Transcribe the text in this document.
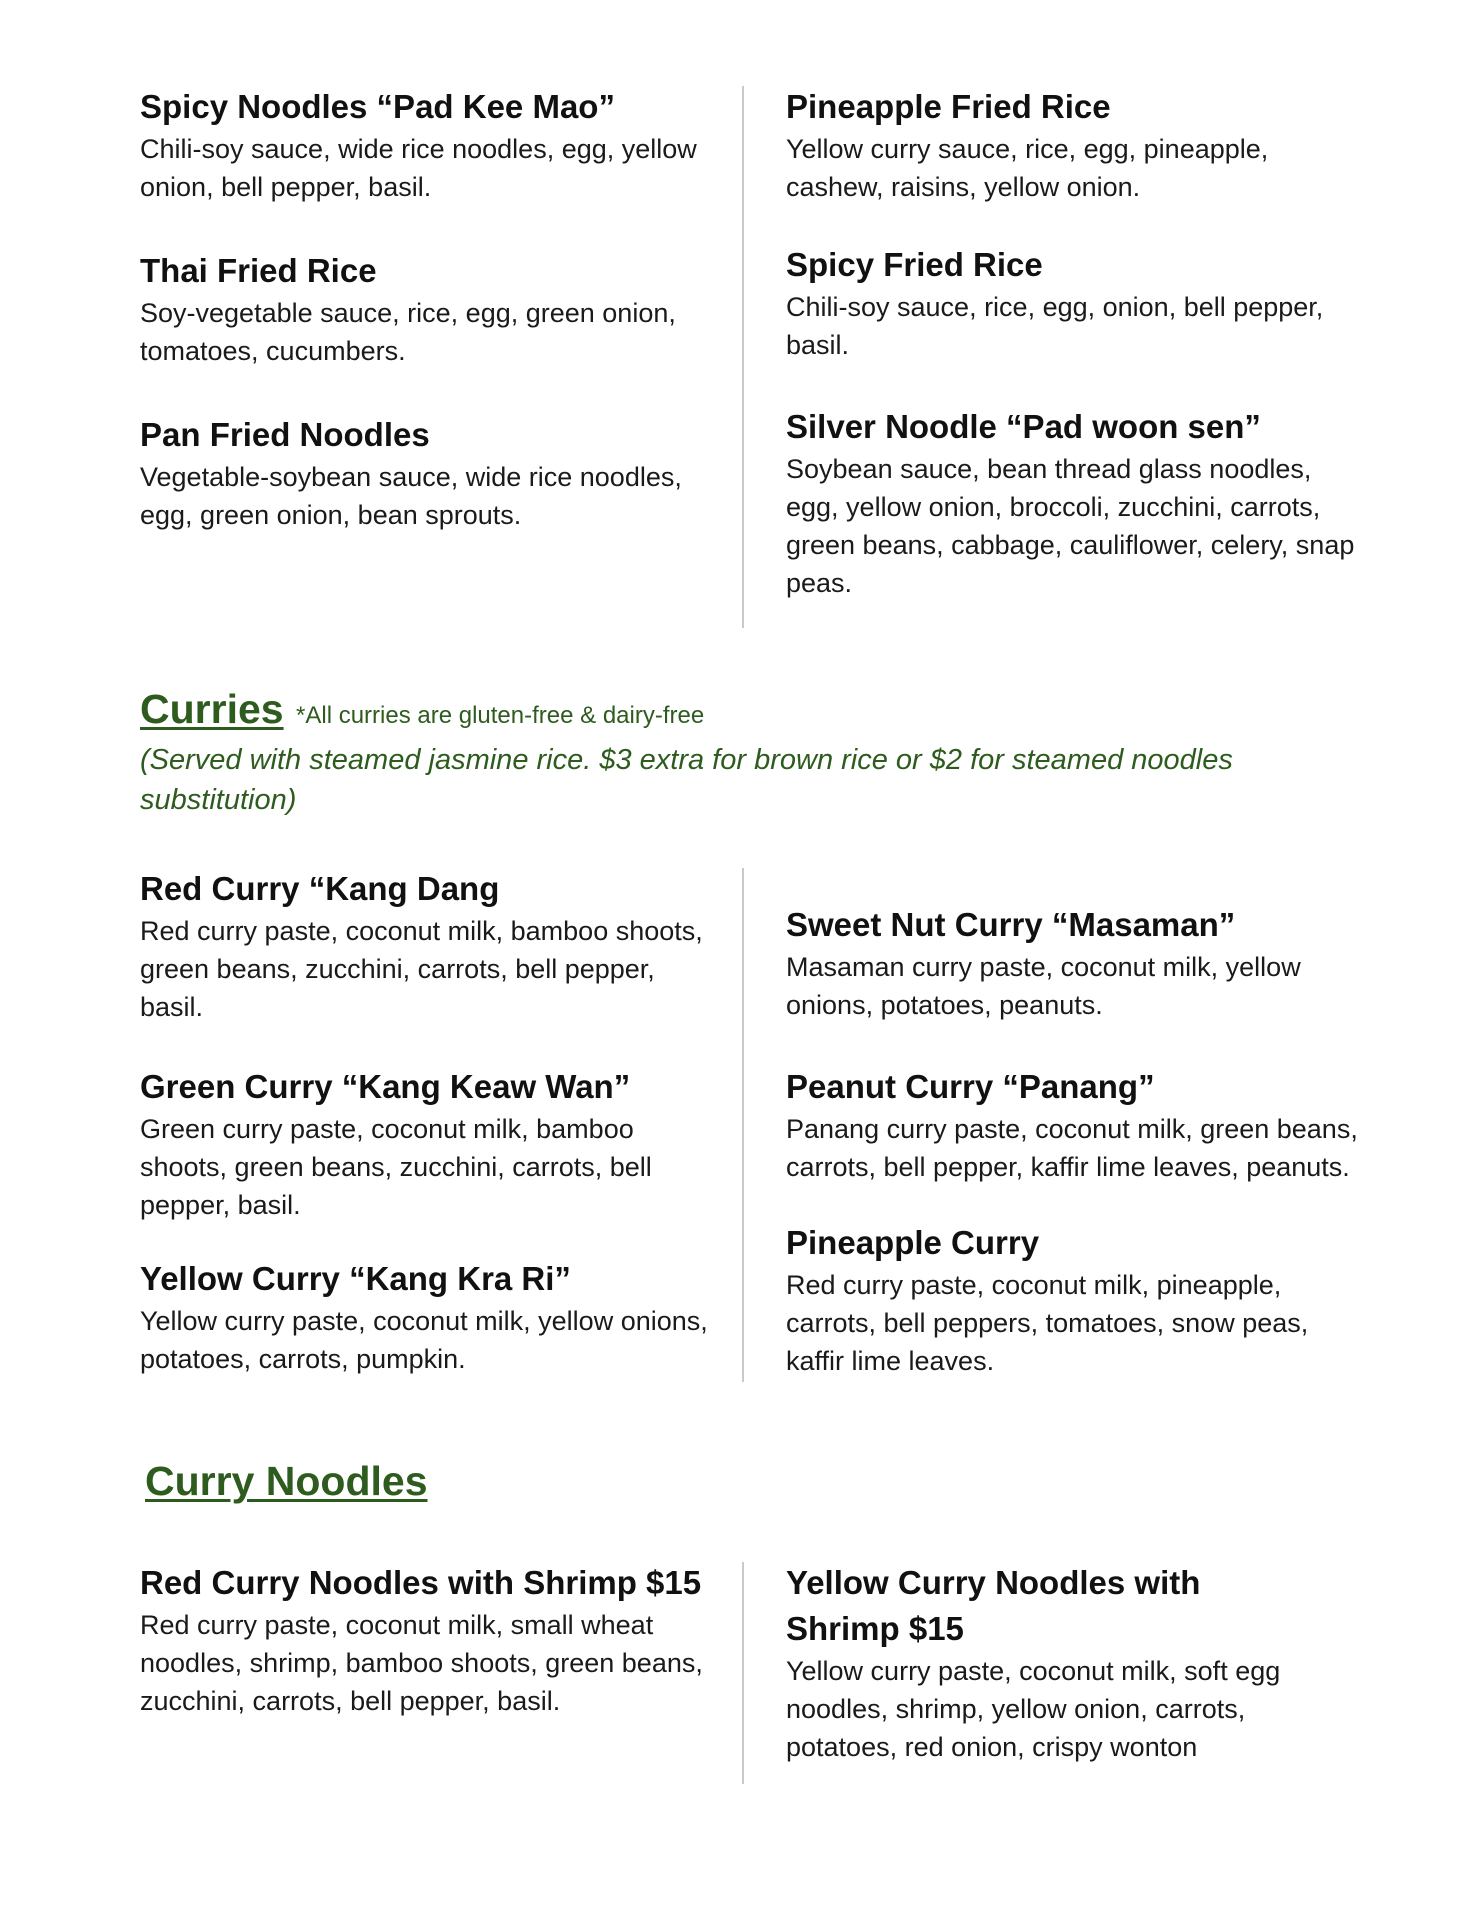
Spicy Noodles “Pad Kee Mao”

Chili-soy sauce, wide rice noodles, egg, yellow onion, bell pepper, basil.

Thai Fried Rice

Soy-vegetable sauce, rice, egg, green onion, tomatoes, cucumbers.

Pan Fried Noodles

Vegetable-soybean sauce, wide rice noodles, egg, green onion, bean sprouts.

Pineapple Fried Rice

Yellow curry sauce, rice, egg, pineapple, cashew, raisins, yellow onion.

Spicy Fried Rice

Chili-soy sauce, rice, egg, onion, bell pepper, basil.

Silver Noodle “Pad woon sen”

Soybean sauce, bean thread glass noodles, egg, yellow onion, broccoli, zucchini, carrots, green beans, cabbage, cauliflower, celery, snap peas.

Curries *All curries are gluten-free & dairy-free
(Served with steamed jasmine rice. $3 extra for brown rice or $2 for steamed noodles substitution)

Red Curry “Kang Dang

Red curry paste, coconut milk, bamboo shoots, green beans, zucchini, carrots, bell pepper, basil.

Green Curry “Kang Keaw Wan”

Green curry paste, coconut milk, bamboo shoots, green beans, zucchini, carrots, bell pepper, basil.

Yellow Curry “Kang Kra Ri”

Yellow curry paste, coconut milk, yellow onions, potatoes, carrots, pumpkin.

Sweet Nut Curry “Masaman”

Masaman curry paste, coconut milk, yellow onions, potatoes, peanuts.

Peanut Curry “Panang”

Panang curry paste, coconut milk, green beans, carrots, bell pepper, kaffir lime leaves, peanuts.

Pineapple Curry

Red curry paste, coconut milk, pineapple, carrots, bell peppers, tomatoes, snow peas, kaffir lime leaves.

Curry Noodles

Red Curry Noodles with Shrimp $15

Red curry paste, coconut milk, small wheat noodles, shrimp, bamboo shoots, green beans, zucchini, carrots, bell pepper, basil.

Yellow Curry Noodles with Shrimp $15

Yellow curry paste, coconut milk, soft egg noodles, shrimp, yellow onion, carrots, potatoes, red onion, crispy wonton
